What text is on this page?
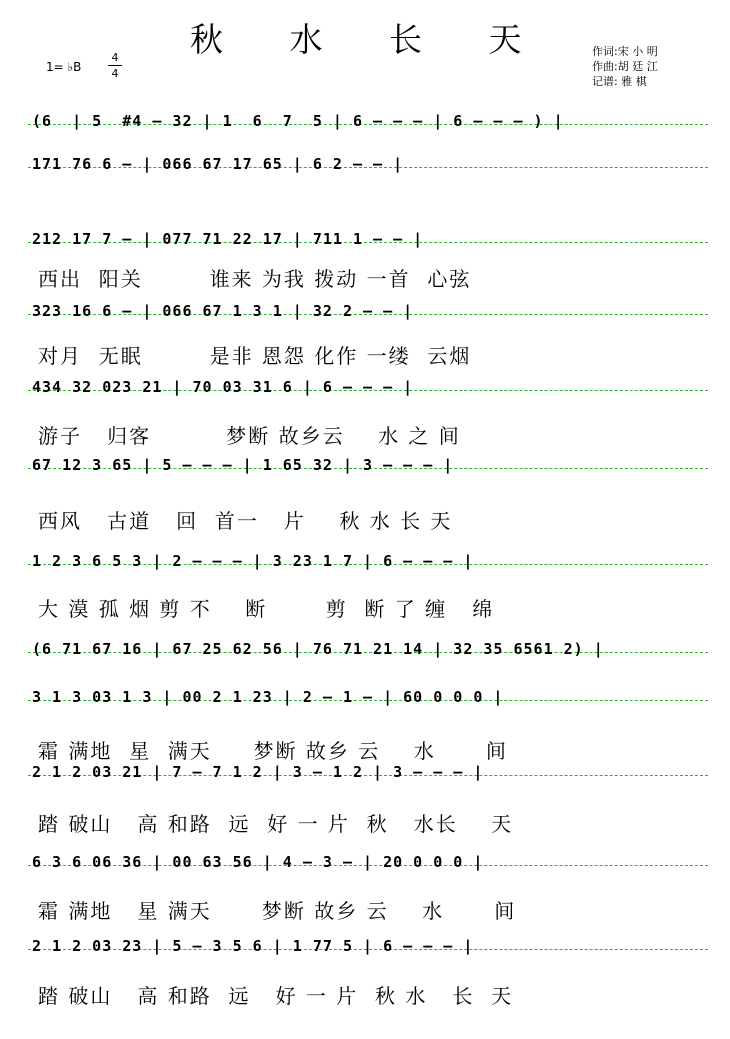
秋 水 长 天
1= ♭B
4
4
作词:宋 小 明
作曲:胡 廷 江
记谱: 雅 棋
(6  | 5  #4 – 32 | 1  6  7  5 | 6 – – – | 6 – – – ) |
171 76 6 – | 066 67 17 65 | 6 2 – – |
西出  阳关        谁来 为我 拨动 一首  心弦
212 17 7 – | 077 71 22 17 | 711 1 – – |
对月  无眠        是非 恩怨 化作 一缕  云烟
323 16 6 – | 066 67 1 3 1 | 32 2 – – |
游子   归客         梦断 故乡云    水 之 间
434 32 023 21 | 70 03 31 6 | 6 – – – |
西风   古道   回  首一   片    秋 水 长 天
67 12 3 65 | 5 – – – | 1 65 32 | 3 – – – |
大 漠 孤 烟 剪 不    断       剪  断 了 缠   绵
1 2 3 6 5 3 | 2 – – – | 3 23 1 7 | 6 – – – |
(6 71 67 16 | 67 25 62 56 | 76 71 21 14 | 32 35 6561 2) |
3 1 3 03 1 3 | 00 2 1 23 | 2 – 1 – | 60 0 0 0 |
霜 满地  星  满天     梦断 故乡 云    水      间
2 1 2 03 21 | 7 – 7 1 2 | 3 – 1 2 | 3 – – – |
踏 破山   高 和路  远  好 一 片  秋   水长    天
6 3 6 06 36 | 00 63 56 | 4 – 3 – | 20 0 0 0 |
霜 满地   星 满天      梦断 故乡 云    水      间
2 1 2 03 23 | 5 – 3 5 6 | 1 77 5 | 6 – – – |
踏 破山   高 和路  远   好 一 片  秋 水   长  天
